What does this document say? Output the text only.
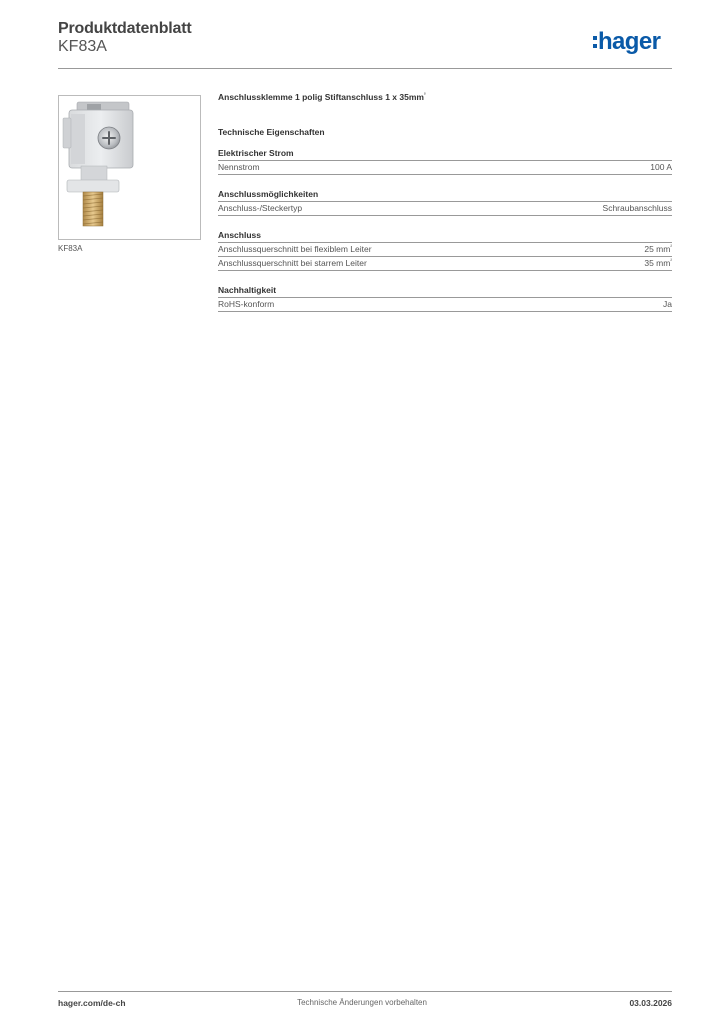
Produktdatenblatt
KF83A	hager
KF83A
Anschlussklemme 1 polig Stiftanschluss 1 x $35mm^{^2}$
Technische Eigenschaften
Elektrischer Strom
Nennstrom	100 A
Anschlussmöglichkeiten
Anschluss-/Steckertyp	Schraubanschluss
Anschluss
Anschlussquerschnitt bei flexiblem Leiter	25 $mm^{^2}$
Anschlussquerschnitt bei starrem Leiter	35 $mm^{^2}$
Nachhaltigkeit
RoHS-konform	Ja
hager.com/de-ch	Technische Änderungen vorbehalten	03.03.2026
